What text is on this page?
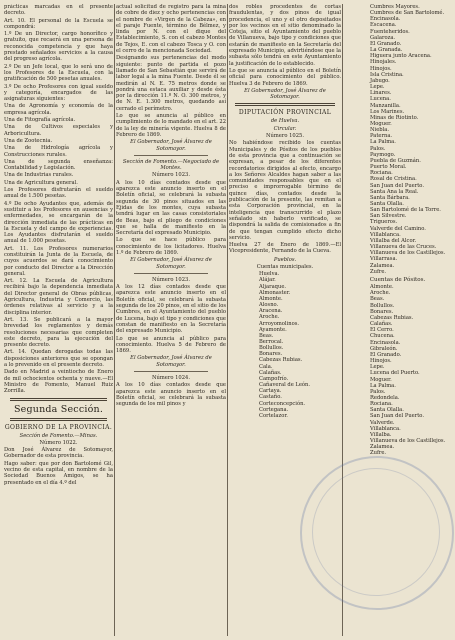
prácticas marcadas en el presente decreto.

Art. 10. El personal de la Escuela se compondrá:

1.º De un Director, cargo honorífico y gratuito, que recaerá en una persona de reconocida competencia y que haya prestado señalados servicios a la causa del progreso agrícola.

2.º De un Jefe local, que lo será uno de los Profesores de la Escuela, con la gratificación de 500 pesetas anuales.

3.º De ocho Profesores con igual sueldo y categoría, encargados de las asignaturas siguientes:

Una de Agronomía y economía de la empresa agrícola.

Una de Fitografía agrícola.

Una de Cultivos especiales y Arboricultura.

Una de Zootecnia.

Una de Hidrología agrícola y Construcciones rurales.

Una de segunda enseñanza: Contabilidad y Legislación.

Una de Industrias rurales.

Una de Agricultura general.

Los Profesores disfrutarán el sueldo anual de 1.500 pesetas.

4.º De ocho Ayudantes que, además de sustituir a los Profesores en ausencias y enfermedades, se encargarán de la dirección inmediata de las prácticas en la Escuela y del campo de experiencias. Los Ayudantes disfrutarán el sueldo anual de 1.000 pesetas.

Art. 11. Los Profesores numerarios constituirán la Junta de la Escuela, de cuyos acuerdos se dará conocimiento por conducto del Director a la Dirección general.

Art. 12. La Escuela de Agricultura recibirá bajo la dependencia inmediata del Director general de Obras públicas, Agricultura, Industria y Comercio, las órdenes relativas al servicio y a la disciplina interior.

Art. 13. Se publicará a la mayor brevedad los reglamentos y demás resoluciones necesarias que completen este decreto, para la ejecución del presente decreto.

Art. 14. Quedan derogadas todas las disposiciones anteriores que se opongan a lo prevenido en el presente decreto.

Dado en Madrid a veintiocho de Enero de mil ochocientos ochenta y nueve.—El Ministro de Fomento, Manuel Ruiz Zorrilla.

Segunda Sección.
GOBIERNO DE LA PROVINCIA.

Sección de Fomento.—Minas.

Número 1022.

Don José Álvarez de Sotomayor, Gobernador de esta provincia.

Hago saber: que por don Bartolomé Gil, vecino de esta capital, en nombre de la Sociedad Buenos Amigos, se ha presentado en el día 4.º del

actual solicitud de registro para la mina de cobre de diez y ocho pertenencias con el nombre de «Virgen de la Cabeza», en el paraje Fuente, término de Bélmez, y linda por N. con el dique del Establecimiento, S. con el cabezo Montes de Tejos, E. con el cabezo Tosca y O. con el cerro de la mencionada Sociedad.

Designando sus pertenencias del modo siguiente: punto de partida el pozo llamado de San Sebastián que servirá de labor legal a la mina Fuente. Desde él se medirán al N. E. 75 metros donde se pondrá una estaca auxiliar y desde ésta por la dirección 11.º N. O. 300 metros, y de N. E. 1.300 metros, quedando así cerrado el perímetro.

Lo que se anuncia al público en cumplimiento de lo mandado en el art. 22 de la ley de minería vigente. Huelva 8 de Febrero de 1869.

El Gobernador, José Álvarez de Sotomayor.

Sección de Fomento.—Negociado de Montes.

Número 1023.

A los 10 días contados desde que aparezca este anuncio inserto en el Boletín oficial, se celebrará la subasta segunda de 30 pinos situados en las Ejidas de los montes, cuya subasta tendrá lugar en las casas consistoriales de Beas, bajo el pliego de condiciones que se halla de manifiesto en la Secretaría del expresado Municipio.

Lo que se hace público para conocimiento de los licitadores. Huelva 1.º de Febrero de 1869.

El Gobernador, José Álvarez de Sotomayor.

Número 1023.

A los 12 días contados desde que aparezca este anuncio inserto en el Boletín oficial, se celebrará la subasta segunda de los 20 pinos, en el sitio de los Cumbres, en el Ayuntamiento del pueblo de Lucena, bajo el tipo y condiciones que constan de manifiesto en la Secretaría del expresado Municipio.

Lo que se anuncia al público para conocimiento. Huelva 5 de Febrero de 1869.

El Gobernador, José Álvarez de Sotomayor.

Número 1024.

A los 10 días contados desde que aparezca este anuncio inserto en el Boletín oficial, se celebrará la subasta segunda de los mil pinos y

dos robles procedentes de cortas fraudulentas, y dos pinos de igual procedencia, el uno y el otro depositados por los vecinos en el sitio denominado la Coteja, sitio el Ayuntamiento del pueblo de Villanueva, bajo tipo y condiciones que estarán de manifiesto en la Secretaría del expresado Municipio, advirtiéndose que la subasta sólo tendrá en este Ayuntamiento la justificación de lo establecido.

Lo que se anuncia al público en el Boletín oficial para conocimiento del público. Huelva 3 de Febrero de 1869.

El Gobernador, José Álvarez de Sotomayor.

DIPUTACIÓN PROVINCIAL

de Huelva.

Circular.

Número 1025.

No habiéndose recibido los cuentas Municipales y de Pósitos de los pueblos de esta provincia que a continuación se expresan, a pesar de los diferentes recordatorios dirigidos al efecto, encargo a los Señores Alcaldes hagan saber a las comunidades responsables que en el preciso e improrrogable término de quince días, contados desde la publicación de la presente, las remitan a esta Corporación provincial, en la inteligencia que transcurrido el plazo señalado sin haberlo verificado, se dispondrá la salida de comisionados a fin de que tengan cumplido efecto dicho servicio.

Huelva 27 de Enero de 1869.—El Vicepresidente, Fernando de la Cueva.

Pueblos.

Cuentas municipales.

Huelva.

Alájar.

Aljaraque.

Almonaster.

Almonte.

Alosno.

Aracena.

Aroche.

Arroyomolinos.

Ayamonte.

Beas.

Berrocal.

Bollullos.

Bonares.

Cabezas Rubias.

Cala.

Calañas.

Campofrío.

Cañaveral de León.

Cartaya.

Castaño.

Corteconcepción.

Cortegana.

Cortelazor.

Cumbres Mayores.

Cumbres de San Bartolomé.

Encinasola.

Escacena.

Fuenteheridos.

Galaroza.

El Granado.

La Granada.

Higuera junto Aracena.

Hinojales.

Hinojos.

Isla Cristina.

Jabugo.

Lepe.

Linares.

Lucena.

Manzanilla.

Los Marines.

Minas de Riotinto.

Moguer.

Niebla.

Paterna.

La Palma.

Palos.

Paymogo.

Puebla de Guzmán.

Puerto Moral.

Rociana.

Rosal de Cristina.

San Juan del Puerto.

Santa Ana la Real.

Santa Bárbara.

Santa Olalla.

San Bartolomé de la Torre.

San Silvestre.

Trigueros.

Valverde del Camino.

Villablanca.

Villalba del Alcor.

Villanueva de las Cruces.

Villanueva de los Castillejos.

Villarrasa.

Zalamea.

Zufre.

Cuentas de Pósitos.

Almonte.

Aroche.

Beas.

Bollullos.

Bonares.

Cabezas Rubias.

Calañas.

El Cerro.

Chucena.

Encinasola.

Gibraleón.

El Granado.

Hinojos.

Lepe.

Lucena del Puerto.

Moguer.

La Palma.

Palos.

Redondela.

Rociana.

Santa Olalla.

San Juan del Puerto.

Valverde.

Villablanca.

Villalba.

Villanueva de los Castillejos.

Zalamea.

Zufre.
